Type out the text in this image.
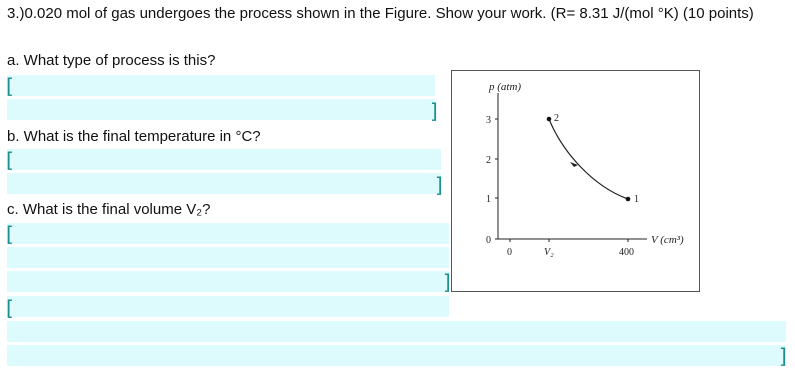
3.)0.020 mol of gas undergoes the process shown in the Figure. Show your work. (R= 8.31 J/(mol °K) (10 points)
a. What type of process is this?
[
]
b. What is the final temperature in °C?
[
]
c. What is the final volume V₂?
[
]
[
]
p (atm)
V (cm³)
3
2
1
0
0	V₂	400
2
1
